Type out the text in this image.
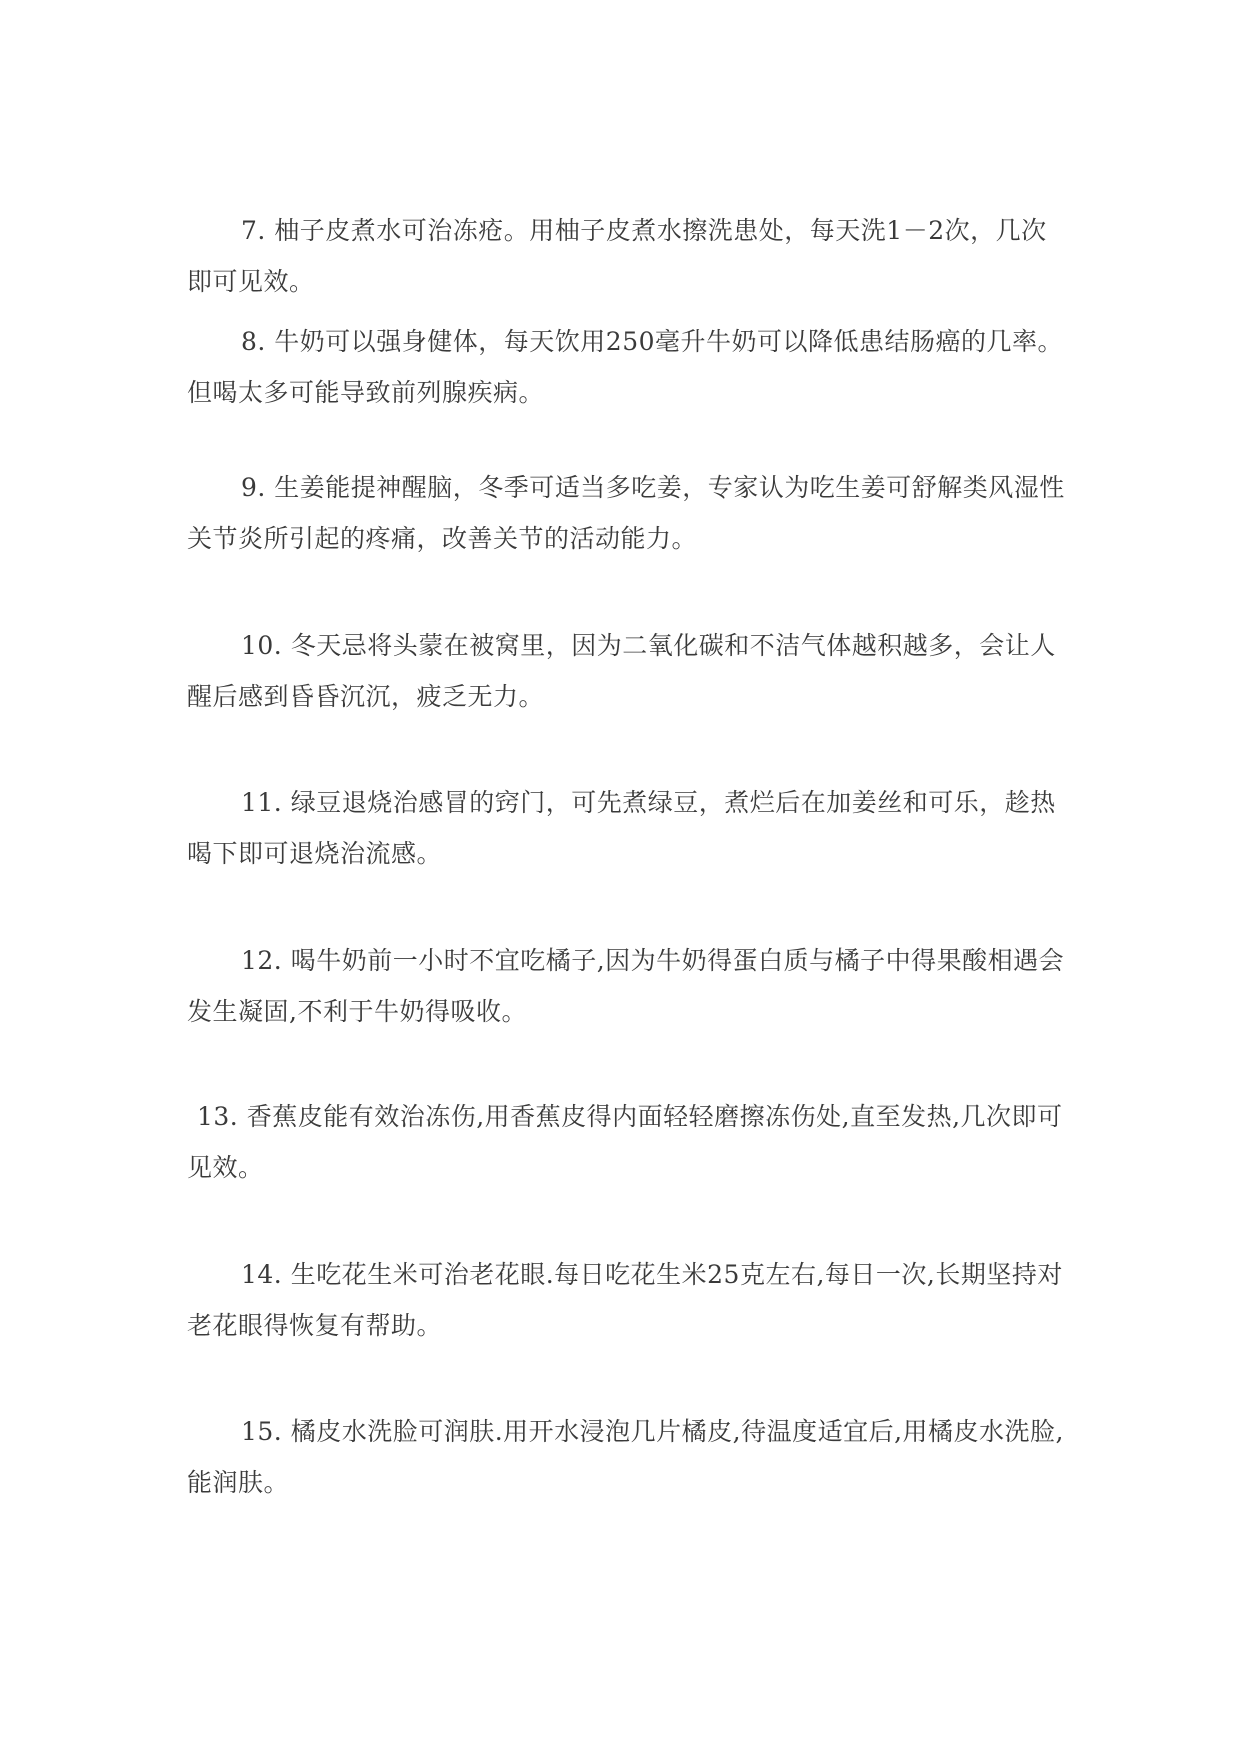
7. 柚子皮煮水可治冻疮。用柚子皮煮水擦洗患处，每天洗1－2次，几次即可见效。

8. 牛奶可以强身健体，每天饮用250毫升牛奶可以降低患结肠癌的几率。但喝太多可能导致前列腺疾病。

9. 生姜能提神醒脑，冬季可适当多吃姜，专家认为吃生姜可舒解类风湿性关节炎所引起的疼痛，改善关节的活动能力。

10. 冬天忌将头蒙在被窝里，因为二氧化碳和不洁气体越积越多，会让人醒后感到昏昏沉沉，疲乏无力。

11. 绿豆退烧治感冒的窍门，可先煮绿豆，煮烂后在加姜丝和可乐，趁热喝下即可退烧治流感。

12. 喝牛奶前一小时不宜吃橘子,因为牛奶得蛋白质与橘子中得果酸相遇会发生凝固,不利于牛奶得吸收。

13. 香蕉皮能有效治冻伤,用香蕉皮得内面轻轻磨擦冻伤处,直至发热,几次即可见效。

14. 生吃花生米可治老花眼.每日吃花生米25克左右,每日一次,长期坚持对老花眼得恢复有帮助。

15. 橘皮水洗脸可润肤.用开水浸泡几片橘皮,待温度适宜后,用橘皮水洗脸,能润肤。
